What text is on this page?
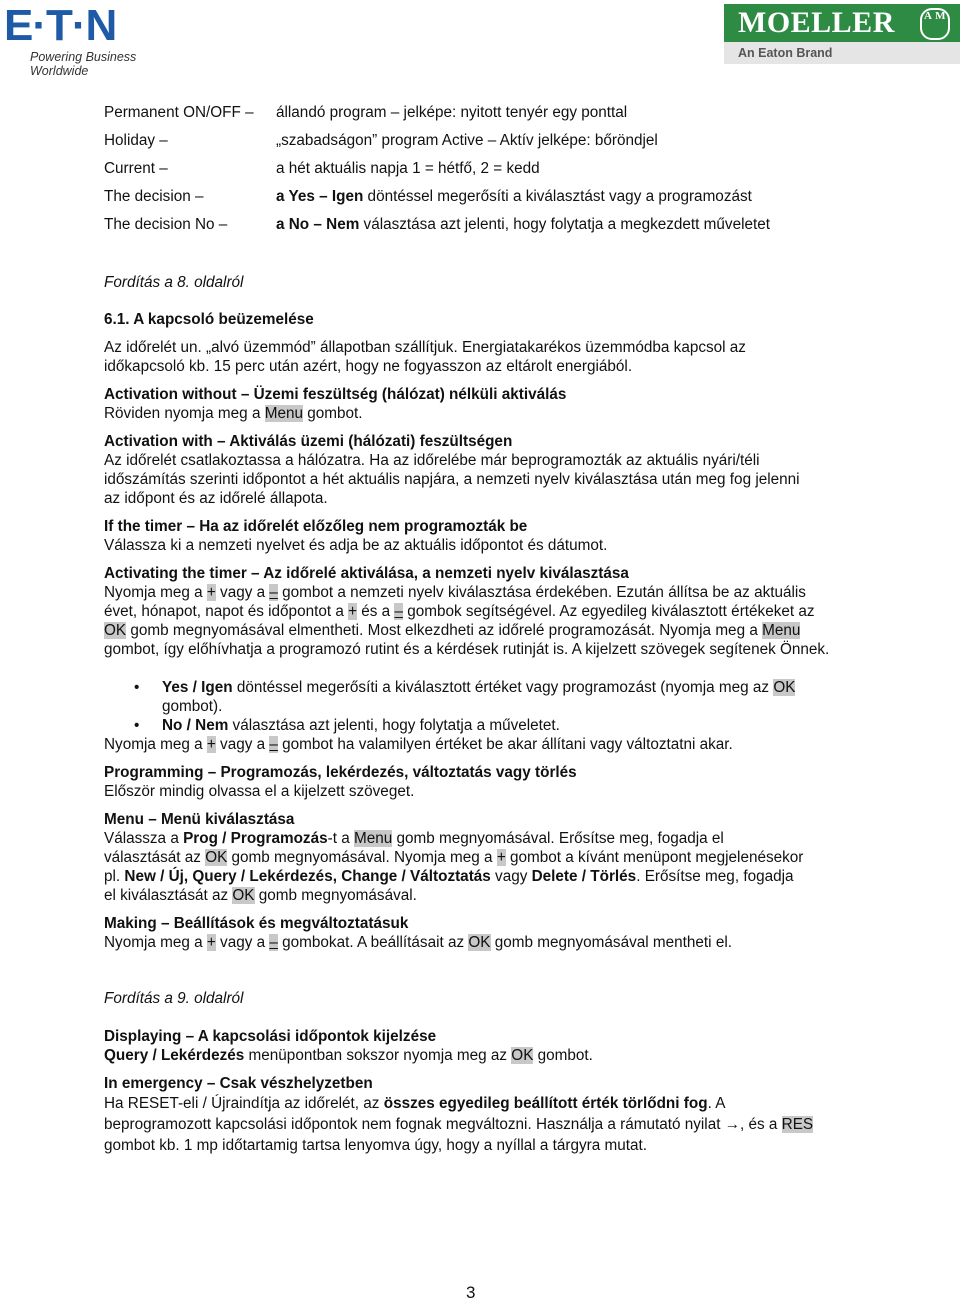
E·T·N
Powering Business Worldwide
MOELLER	A M
An Eaton Brand
Permanent ON/OFF –	állandó program – jelképe: nyitott tenyér egy ponttal
Holiday –	„szabadságon” program Active – Aktív jelképe: bőröndjel
Current –	a hét aktuális napja 1 = hétfő, 2 = kedd
The decision –	a Yes – Igen döntéssel megerősíti a kiválasztást vagy a programozást
The decision No –	a No – Nem választása azt jelenti, hogy folytatja a megkezdett műveletet
Fordítás a 8. oldalról
6.1. A kapcsoló beüzemelése
Az időrelét un. „alvó üzemmód” állapotban szállítjuk. Energiatakarékos üzemmódba kapcsol az időkapcsoló kb. 15 perc után azért, hogy ne fogyasszon az eltárolt energiából.
Activation without – Üzemi feszültség (hálózat) nélküli aktiválás
Röviden nyomja meg a Menu gombot.
Activation with – Aktiválás üzemi (hálózati) feszültségen
Az időrelét csatlakoztassa a hálózatra. Ha az időrelébe már beprogramozták az aktuális nyári/téli időszámítás szerinti időpontot a hét aktuális napjára, a nemzeti nyelv kiválasztása után meg fog jelenni az időpont és az időrelé állapota.
If the timer – Ha az időrelét előzőleg nem programozták be
Válassza ki a nemzeti nyelvet és adja be az aktuális időpontot és dátumot.
Activating the timer – Az időrelé aktiválása, a nemzeti nyelv kiválasztása
Nyomja meg a + vagy a – gombot a nemzeti nyelv kiválasztása érdekében. Ezután állítsa be az aktuális évet, hónapot, napot és időpontot a + és a – gombok segítségével. Az egyedileg kiválasztott értékeket az OK gomb megnyomásával elmentheti. Most elkezdheti az időrelé programozását. Nyomja meg a Menu gombot, így előhívhatja a programozó rutint és a kérdések rutinját is. A kijelzett szövegek segítenek Önnek.
• Yes / Igen döntéssel megerősíti a kiválasztott értéket vagy programozást (nyomja meg az OK gombot).
• No / Nem választása azt jelenti, hogy folytatja a műveletet.
Nyomja meg a + vagy a – gombot ha valamilyen értéket be akar állítani vagy változtatni akar.
Programming – Programozás, lekérdezés, változtatás vagy törlés
Először mindig olvassa el a kijelzett szöveget.
Menu – Menü kiválasztása
Válassza a Prog / Programozás-t a Menu gomb megnyomásával. Erősítse meg, fogadja el választását az OK gomb megnyomásával. Nyomja meg a + gombot a kívánt menüpont megjelenésekor pl. New / Új, Query / Lekérdezés, Change / Változtatás vagy Delete / Törlés. Erősítse meg, fogadja el kiválasztását az OK gomb megnyomásával.
Making – Beállítások és megváltoztatásuk
Nyomja meg a + vagy a – gombokat. A beállításait az OK gomb megnyomásával mentheti el.
Fordítás a 9. oldalról
Displaying – A kapcsolási időpontok kijelzése
Query / Lekérdezés menüpontban sokszor nyomja meg az OK gombot.
In emergency – Csak vészhelyzetben
Ha RESET-eli / Újraindítja az időrelét, az összes egyedileg beállított érték törlődni fog. A beprogramozott kapcsolási időpontok nem fognak megváltozni. Használja a rámutató nyilat →, és a RES gombot kb. 1 mp időtartamig tartsa lenyomva úgy, hogy a nyíllal a tárgyra mutat.
3
